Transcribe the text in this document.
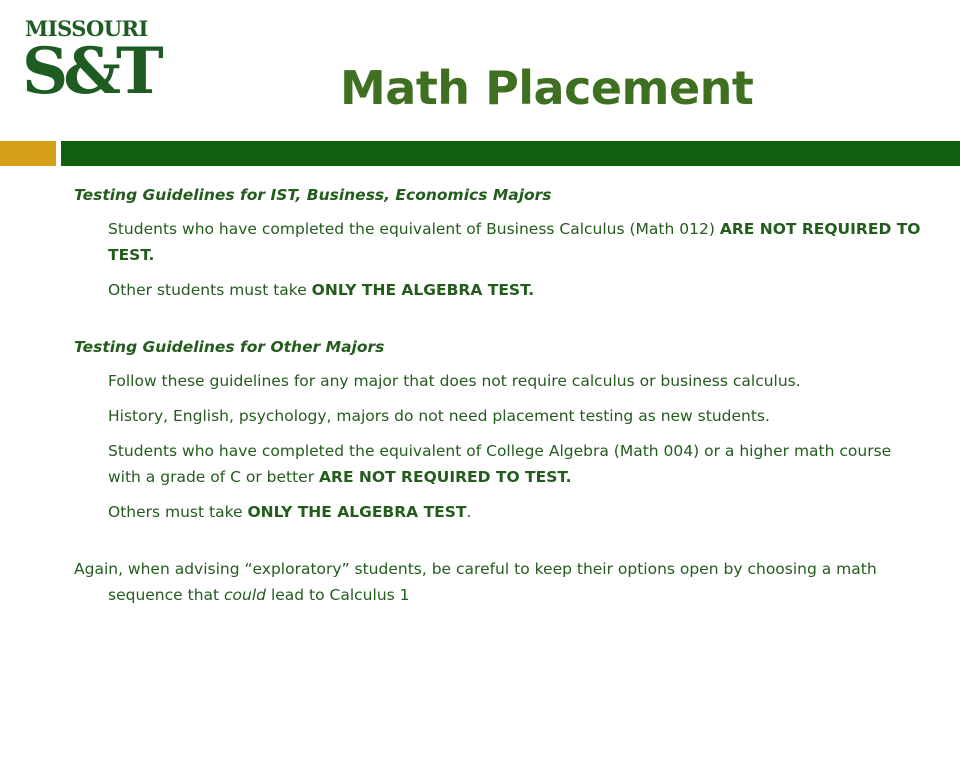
MISSOURI
S&T	Math Placement

Testing Guidelines for IST, Business, Economics Majors

Students who have completed the equivalent of Business Calculus (Math 012) ARE NOT REQUIRED TO TEST.

Other students must take ONLY THE ALGEBRA TEST.

Testing Guidelines for Other Majors

Follow these guidelines for any major that does not require calculus or business calculus.

History, English, psychology, majors do not need placement testing as new students.

Students who have completed the equivalent of College Algebra (Math 004) or a higher math course with a grade of C or better ARE NOT REQUIRED TO TEST.

Others must take ONLY THE ALGEBRA TEST.

Again, when advising “exploratory” students, be careful to keep their options open by choosing a math sequence that could lead to Calculus 1
